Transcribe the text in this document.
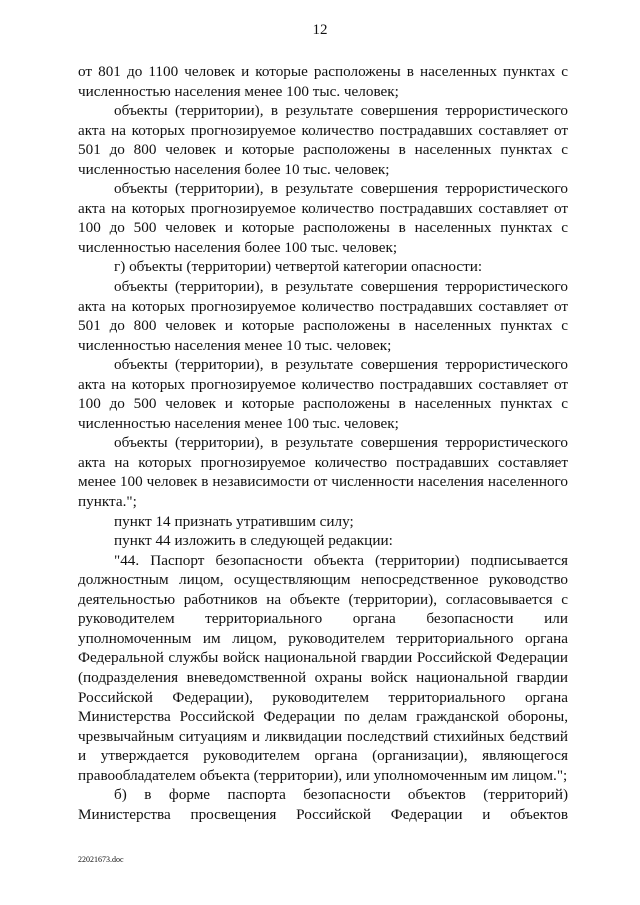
12

от 801 до 1100 человек и которые расположены в населенных пунктах с численностью населения менее 100 тыс. человек;

объекты (территории), в результате совершения террористического акта на которых прогнозируемое количество пострадавших составляет от 501 до 800 человек и которые расположены в населенных пунктах с численностью населения более 10 тыс. человек;

объекты (территории), в результате совершения террористического акта на которых прогнозируемое количество пострадавших составляет от 100 до 500 человек и которые расположены в населенных пунктах с численностью населения более 100 тыс. человек;

г) объекты (территории) четвертой категории опасности:

объекты (территории), в результате совершения террористического акта на которых прогнозируемое количество пострадавших составляет от 501 до 800 человек и которые расположены в населенных пунктах с численностью населения менее 10 тыс. человек;

объекты (территории), в результате совершения террористического акта на которых прогнозируемое количество пострадавших составляет от 100 до 500 человек и которые расположены в населенных пунктах с численностью населения менее 100 тыс. человек;

объекты (территории), в результате совершения террористического акта на которых прогнозируемое количество пострадавших составляет менее 100 человек в независимости от численности населения населенного пункта.";

пункт 14 признать утратившим силу;

пункт 44 изложить в следующей редакции:

"44. Паспорт безопасности объекта (территории) подписывается должностным лицом, осуществляющим непосредственное руководство деятельностью работников на объекте (территории), согласовывается с руководителем территориального органа безопасности или уполномоченным им лицом, руководителем территориального органа Федеральной службы войск национальной гвардии Российской Федерации (подразделения вневедомственной охраны войск национальной гвардии Российской Федерации), руководителем территориального органа Министерства Российской Федерации по делам гражданской обороны, чрезвычайным ситуациям и ликвидации последствий стихийных бедствий и утверждается руководителем органа (организации), являющегося правообладателем объекта (территории), или уполномоченным им лицом.";

б) в форме паспорта безопасности объектов (территорий) Министерства просвещения Российской Федерации и объектов

22021673.doc
